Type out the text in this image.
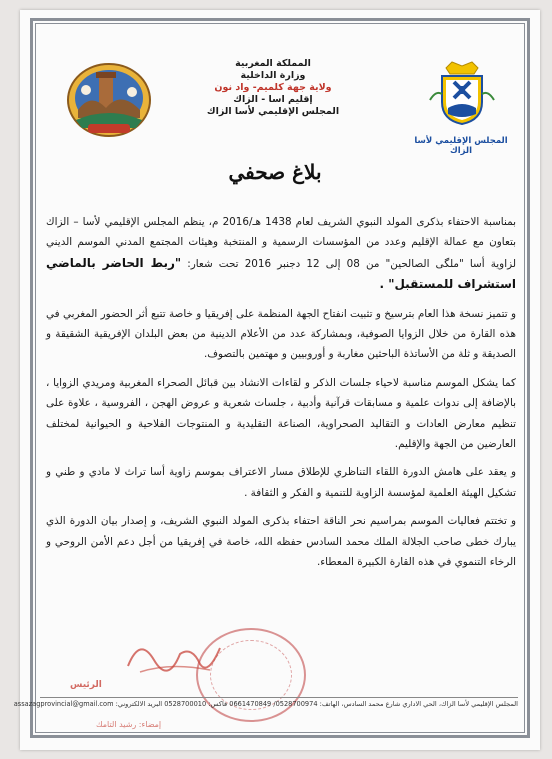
المملكة المغربية
وزارة الداخلية
ولاية جهة كلميم- واد نون
إقليم اسا - الزاك
المجلس الإقليمي لأسا الزاك
المجلس الإقليمي لأسا الزاك
بلاغ صحفي

بمناسبة الاحتفاء بذكرى المولد النبوي الشريف لعام 1438 هـ/2016 م، ينظم المجلس الإقليمي لأسا – الزاك بتعاون مع عمالة الإقليم وعدد من المؤسسات الرسمية و المنتخبة وهيئات المجتمع المدني الموسم الديني لزاوية أسا "ملگى الصالحين" من 08 إلى 12 دجنبر 2016 تحت شعار: "ربط الحاضر بالماضي استشراف للمستقبل" .

و تتميز نسخة هذا العام بترسيخ و تثبيت انفتاح الجهة المنظمة على إفريقيا و خاصة تتبع أثر الحضور المغربي في هذه القارة من خلال الزوايا الصوفية، وبمشاركة عدد من الأعلام الدينية من بعض البلدان الإفريقية الشقيقة و الصديقة و ثلة من الأساتذة الباحثين مغاربة و أوروبيين و مهتمين بالتصوف.

كما يشكل الموسم مناسبة لاحياء جلسات الذكر و لقاءات الانشاد بين قبائل الصحراء المغربية ومريدي الزوايا ، بالإضافة إلى ندوات علمية و مسابقات قرآنية وأدبية ، جلسات شعرية و عروض الهجن ، الفروسية ، علاوة على تنظيم معارض العادات و التقاليد الصحراوية، الصناعة التقليدية و المنتوجات الفلاحية و الحيوانية لمختلف العارضين من الجهة والإقليم.

و يعقد على هامش الدورة اللقاء التناظري للإطلاق مسار الاعتراف بموسم زاوية أسا تراث لا مادي و طني و تشكيل الهيئة العلمية لمؤسسة الزاوية للتنمية و الفكر و الثقافة .

و تختتم فعاليات الموسم بمراسيم نحر الناقة احتفاء بذكرى المولد النبوي الشريف، و إصدار بيان الدورة الذي يبارك خطى صاحب الجلالة الملك محمد السادس حفظه الله، خاصة في إفريقيا من أجل دعم الأمن الروحي و الرخاء التنموي في هذه القارة الكبيرة المعطاء.

الرئيس
إمضاء: رشيد التامك
المجلس الإقليمي لأسا الزاك، الحي الاداري شارع محمد السادس، الهاتف: 0528700974/ 0661470849 فاكس: 0528700010 البريد الالكتروني: assazagprovincial@gmail.com
